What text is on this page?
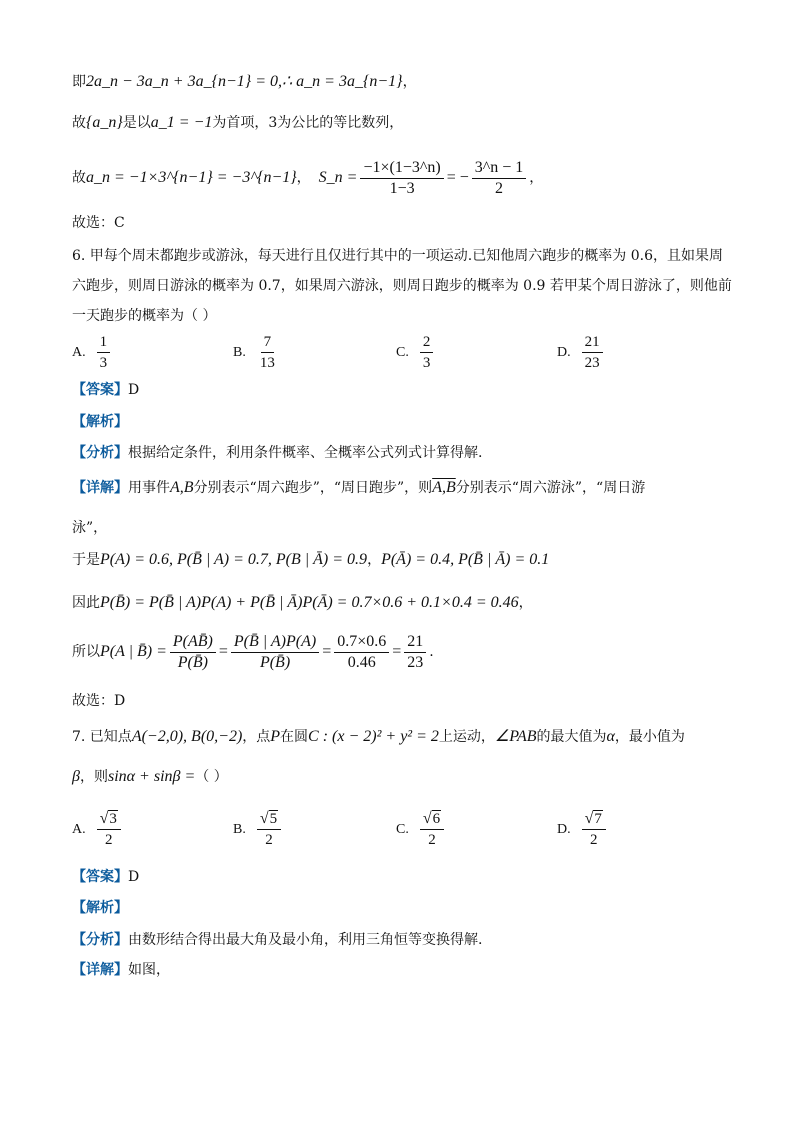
即2a_n − 3a_n + 3a_{n−1} = 0,∴ a_n = 3a_{n−1}，
故{a_n}是以a_1 = −1为首项，3为公比的等比数列，
故 a_n = −1×3^{n−1} = −3^{n−1} ， S_n = $\frac{-1\times(1-3\^{}n)}{1-3}$ = − $\frac{3\^{}n - 1}{2}$ ，
故选：C
6. 甲每个周末都跑步或游泳，每天进行且仅进行其中的一项运动.已知他周六跑步的概率为 0.6，且如果周
六跑步，则周日游泳的概率为 0.7，如果周六游泳，则周日跑步的概率为 0.9 若甲某个周日游泳了，则他前
一天跑步的概率为（ ）
A. $\frac{1}{3}$	B. $\frac{7}{13}$	C. $\frac{2}{3}$	D. $\frac{21}{23}$
【答案】D
【解析】
【分析】根据给定条件，利用条件概率、全概率公式列式计算得解.
【详解】用事件A,B分别表示“周六跑步”，“周日跑步”，则A,B分别表示“周六游泳”，“周日游
泳”，
于是P(A) = 0.6, P(B̄ | A) = 0.7, P(B | Ā) = 0.9，P(Ā) = 0.4, P(B̄ | Ā) = 0.1
因此P(B̄) = P(B̄ | A)P(A) + P(B̄ | Ā)P(Ā) = 0.7×0.6 + 0.1×0.4 = 0.46，
所以 P(A | B̄) = $\frac{P(AB̄)}{P(B̄)} = \frac{P(B̄ | A)P(A)}{P(B̄)} = \frac{0.7\times 0.6}{0.46} = \frac{21}{23}$ .
故选：D
7. 已知点A(−2,0), B(0,−2)，点P在圆C : (x − 2)² + y² = 2上运动，∠PAB的最大值为α，最小值为
β，则sinα + sinβ =（ ）
A. $\frac{√ 3}{2}$	B. $\frac{√ 5}{2}$	C. $\frac{√ 6}{2}$	D. $\frac{√ 7}{2}$
【答案】D
【解析】
【分析】由数形结合得出最大角及最小角，利用三角恒等变换得解.
【详解】如图，
